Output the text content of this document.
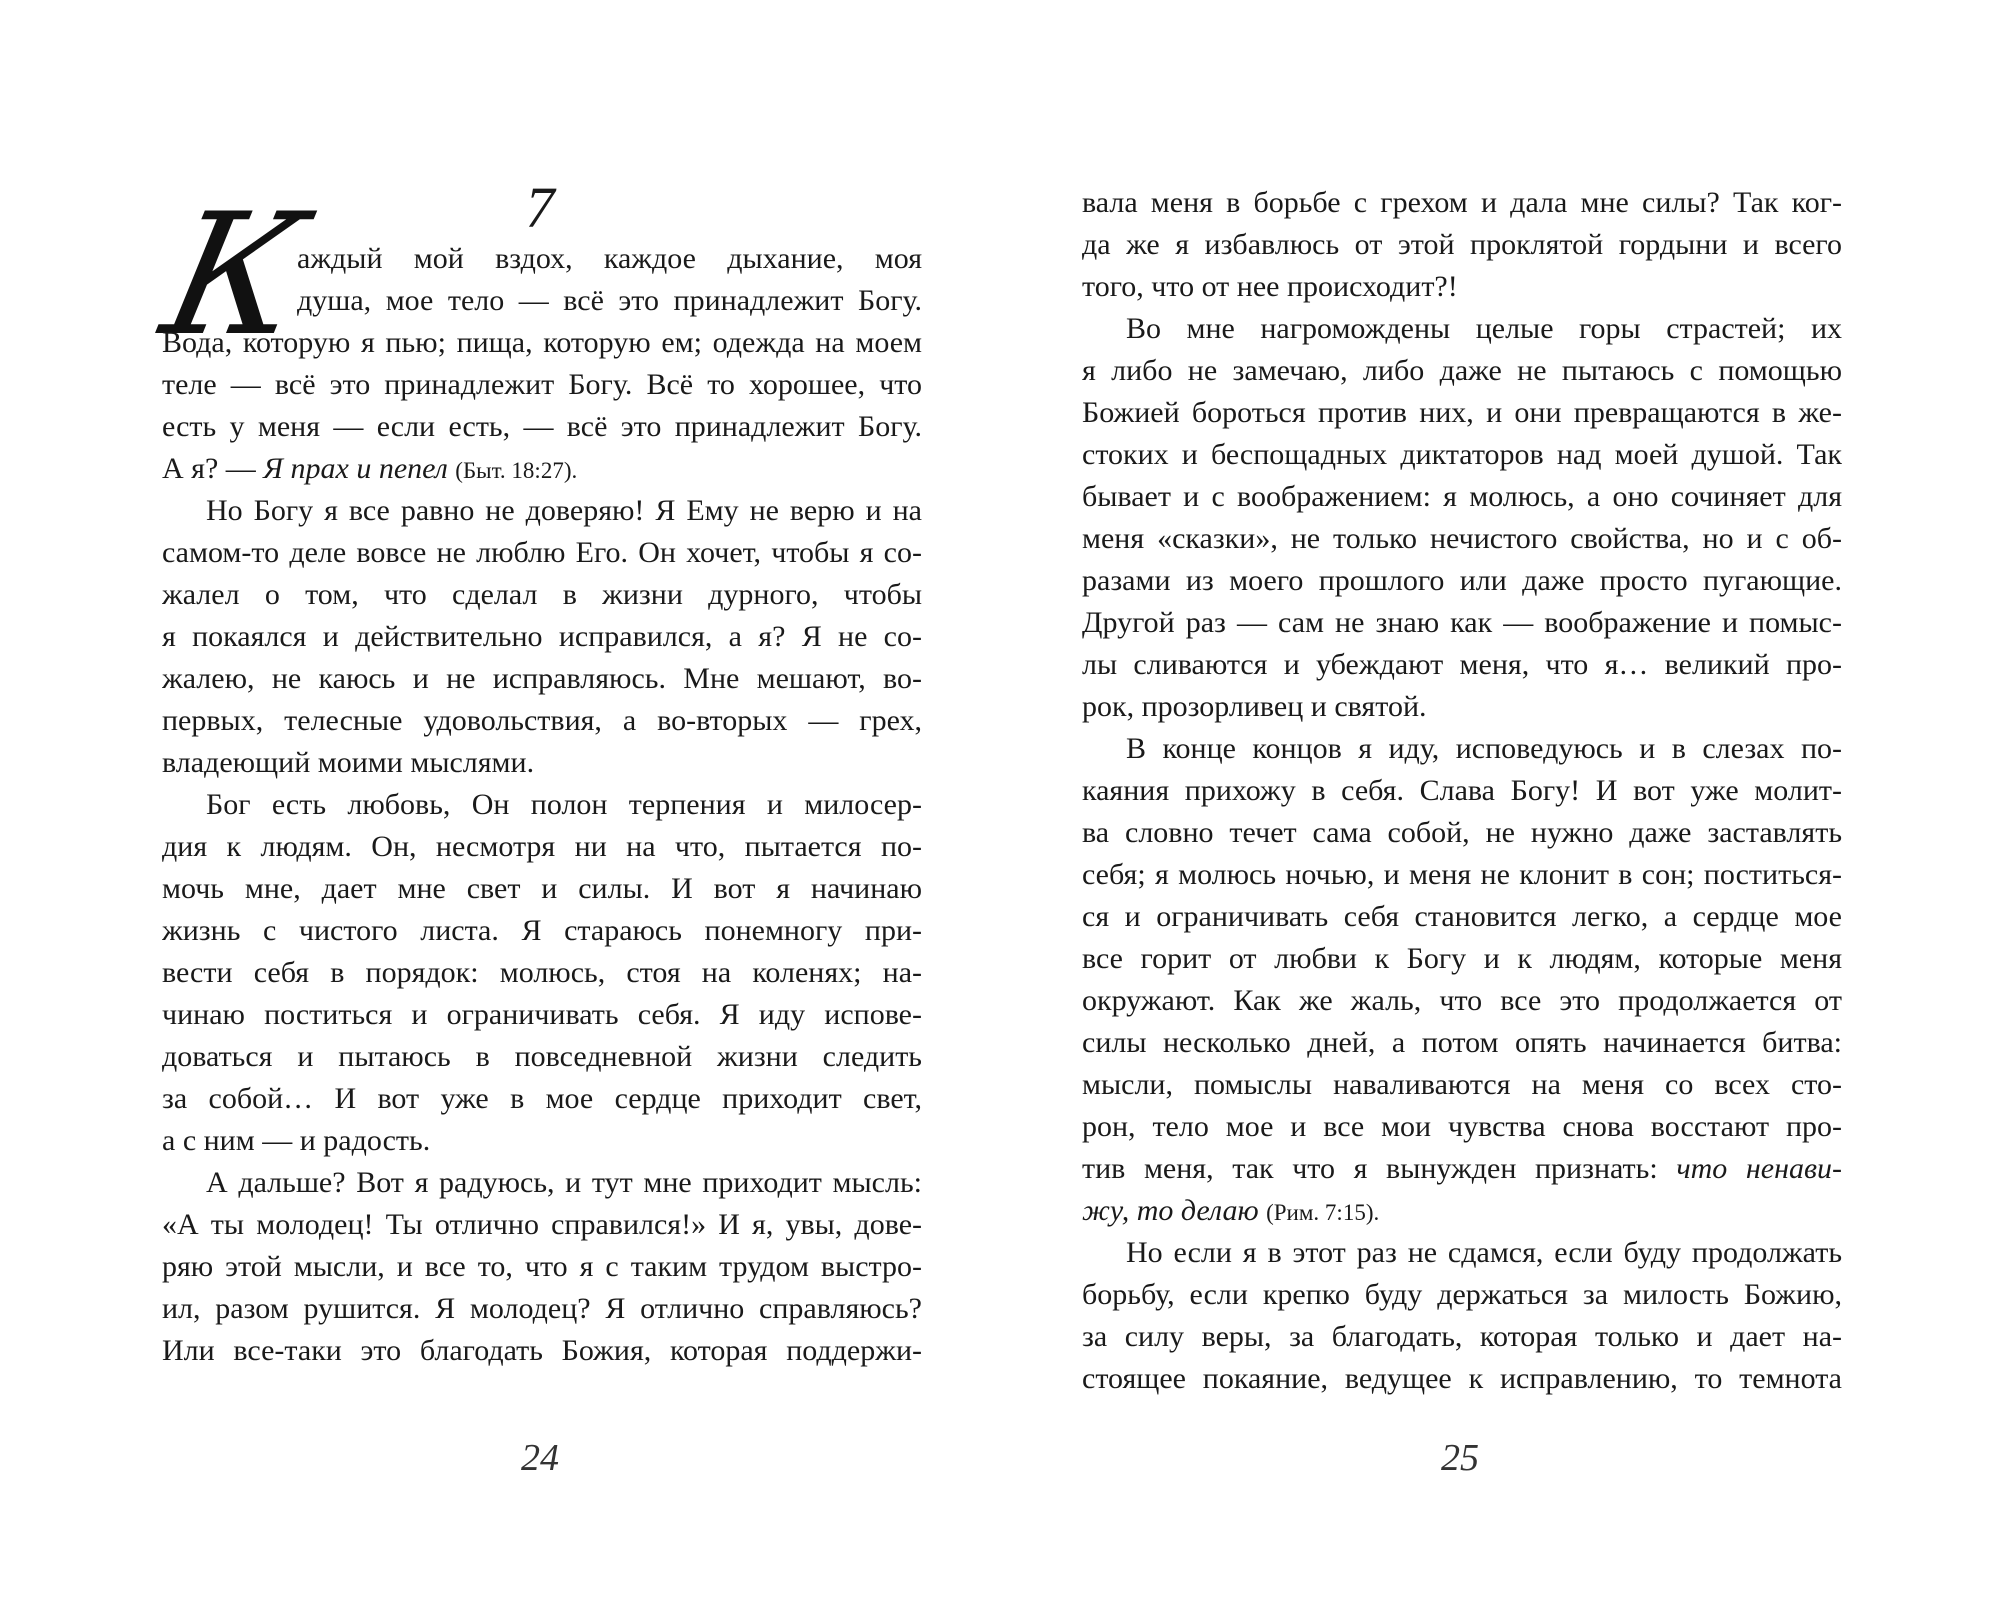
7
К
аждый мой вздох, каждое дыхание, моя
душа, мое тело — всё это принадлежит Богу.
Вода, которую я пью; пища, которую ем; одежда на моем
теле — всё это принадлежит Богу. Всё то хорошее, что
есть у меня — если есть, — всё это принадлежит Богу.
А я? — Я прах и пепел (Быт. 18:27).
Но Богу я все равно не доверяю! Я Ему не верю и на
самом-то деле вовсе не люблю Его. Он хочет, чтобы я со-
жалел о том, что сделал в жизни дурного, чтобы
я покаялся и действительно исправился, а я? Я не со-
жалею, не каюсь и не исправляюсь. Мне мешают, во-
первых, телесные удовольствия, а во-вторых — грех,
владеющий моими мыслями.
Бог есть любовь, Он полон терпения и милосер-
дия к людям. Он, несмотря ни на что, пытается по-
мочь мне, дает мне свет и силы. И вот я начинаю
жизнь с чистого листа. Я стараюсь понемногу при-
вести себя в порядок: молюсь, стоя на коленях; на-
чинаю поститься и ограничивать себя. Я иду испове-
доваться и пытаюсь в повседневной жизни следить
за собой… И вот уже в мое сердце приходит свет,
а с ним — и радость.
А дальше? Вот я радуюсь, и тут мне приходит мысль:
«А ты молодец! Ты отлично справился!» И я, увы, дове-
ряю этой мысли, и все то, что я с таким трудом выстро-
ил, разом рушится. Я молодец? Я отлично справляюсь?
Или все-таки это благодать Божия, которая поддержи-
24
вала меня в борьбе с грехом и дала мне силы? Так ког-
да же я избавлюсь от этой проклятой гордыни и всего
того, что от нее происходит?!
Во мне нагромождены целые горы страстей; их
я либо не замечаю, либо даже не пытаюсь с помощью
Божией бороться против них, и они превращаются в же-
стоких и беспощадных диктаторов над моей душой. Так
бывает и с воображением: я молюсь, а оно сочиняет для
меня «сказки», не только нечистого свойства, но и с об-
разами из моего прошлого или даже просто пугающие.
Другой раз — сам не знаю как — воображение и помыс-
лы сливаются и убеждают меня, что я… великий про-
рок, прозорливец и святой.
В конце концов я иду, исповедуюсь и в слезах по-
каяния прихожу в себя. Слава Богу! И вот уже молит-
ва словно течет сама собой, не нужно даже заставлять
себя; я молюсь ночью, и меня не клонит в сон; поститься-
ся и ограничивать себя становится легко, а сердце мое
все горит от любви к Богу и к людям, которые меня
окружают. Как же жаль, что все это продолжается от
силы несколько дней, а потом опять начинается битва:
мысли, помыслы наваливаются на меня со всех сто-
рон, тело мое и все мои чувства снова восстают про-
тив меня, так что я вынужден признать: что ненави-
жу, то делаю (Рим. 7:15).
Но если я в этот раз не сдамся, если буду продолжать
борьбу, если крепко буду держаться за милость Божию,
за силу веры, за благодать, которая только и дает на-
стоящее покаяние, ведущее к исправлению, то темнота
25
